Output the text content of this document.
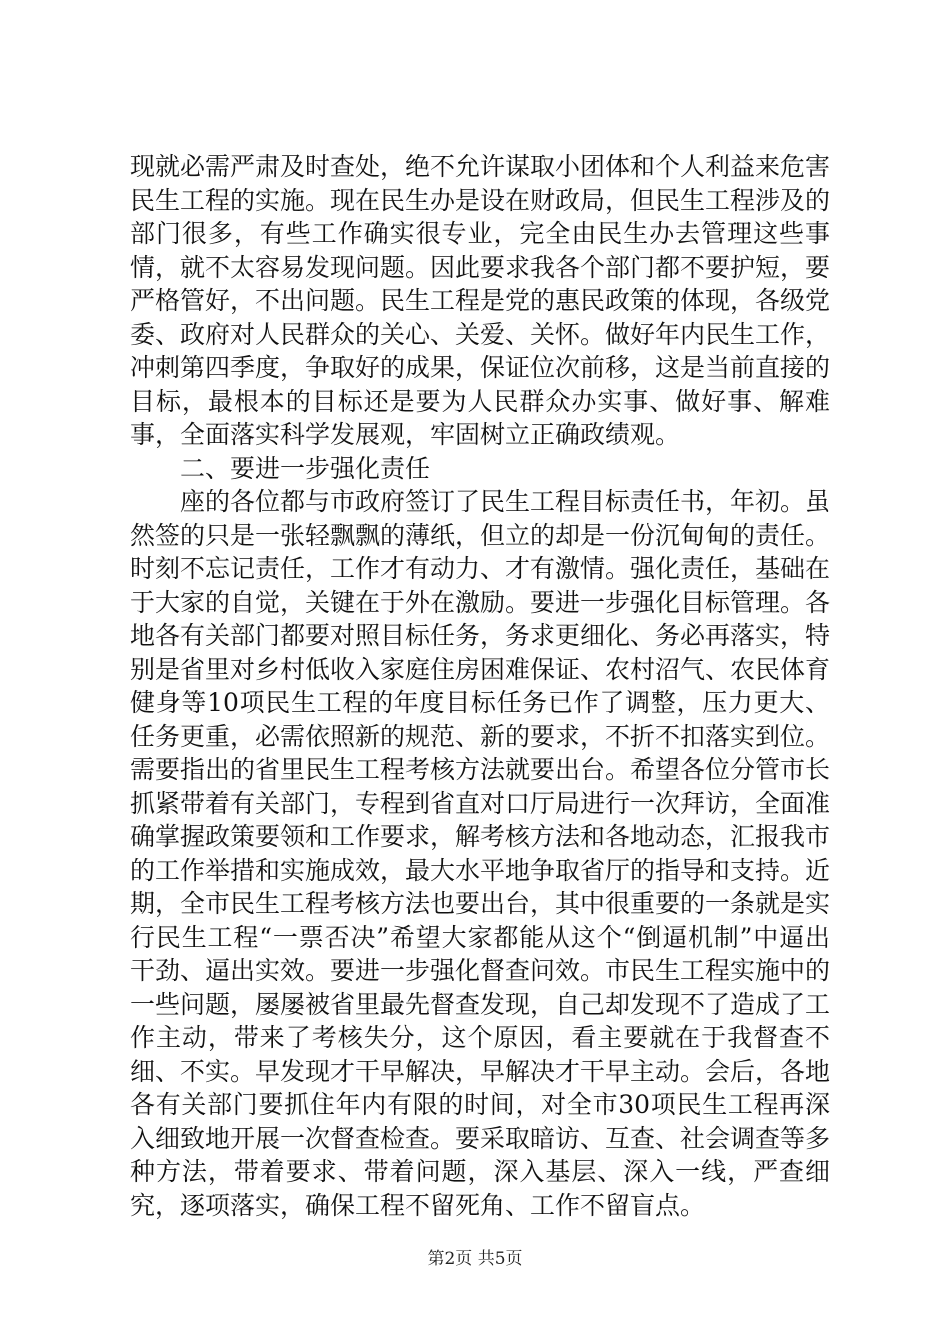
现就必需严肃及时查处，绝不允许谋取小团体和个人利益来危害民生工程的实施。现在民生办是设在财政局，但民生工程涉及的部门很多，有些工作确实很专业，完全由民生办去管理这些事情，就不太容易发现问题。因此要求我各个部门都不要护短，要严格管好，不出问题。民生工程是党的惠民政策的体现，各级党委、政府对人民群众的关心、关爱、关怀。做好年内民生工作，冲刺第四季度，争取好的成果，保证位次前移，这是当前直接的目标，最根本的目标还是要为人民群众办实事、做好事、解难事，全面落实科学发展观，牢固树立正确政绩观。

二、要进一步强化责任

座的各位都与市政府签订了民生工程目标责任书，年初。虽然签的只是一张轻飘飘的薄纸，但立的却是一份沉甸甸的责任。时刻不忘记责任，工作才有动力、才有激情。强化责任，基础在于大家的自觉，关键在于外在激励。要进一步强化目标管理。各地各有关部门都要对照目标任务，务求更细化、务必再落实，特别是省里对乡村低收入家庭住房困难保证、农村沼气、农民体育健身等10项民生工程的年度目标任务已作了调整，压力更大、任务更重，必需依照新的规范、新的要求，不折不扣落实到位。需要指出的省里民生工程考核方法就要出台。希望各位分管市长抓紧带着有关部门，专程到省直对口厅局进行一次拜访，全面准确掌握政策要领和工作要求，解考核方法和各地动态，汇报我市的工作举措和实施成效，最大水平地争取省厅的指导和支持。近期，全市民生工程考核方法也要出台，其中很重要的一条就是实行民生工程“一票否决”希望大家都能从这个“倒逼机制”中逼出干劲、逼出实效。要进一步强化督查问效。市民生工程实施中的一些问题，屡屡被省里最先督查发现，自己却发现不了造成了工作主动，带来了考核失分，这个原因，看主要就在于我督查不细、不实。早发现才干早解决，早解决才干早主动。会后，各地各有关部门要抓住年内有限的时间，对全市30项民生工程再深入细致地开展一次督查检查。要采取暗访、互查、社会调查等多种方法，带着要求、带着问题，深入基层、深入一线，严查细究，逐项落实，确保工程不留死角、工作不留盲点。

第2页 共5页
